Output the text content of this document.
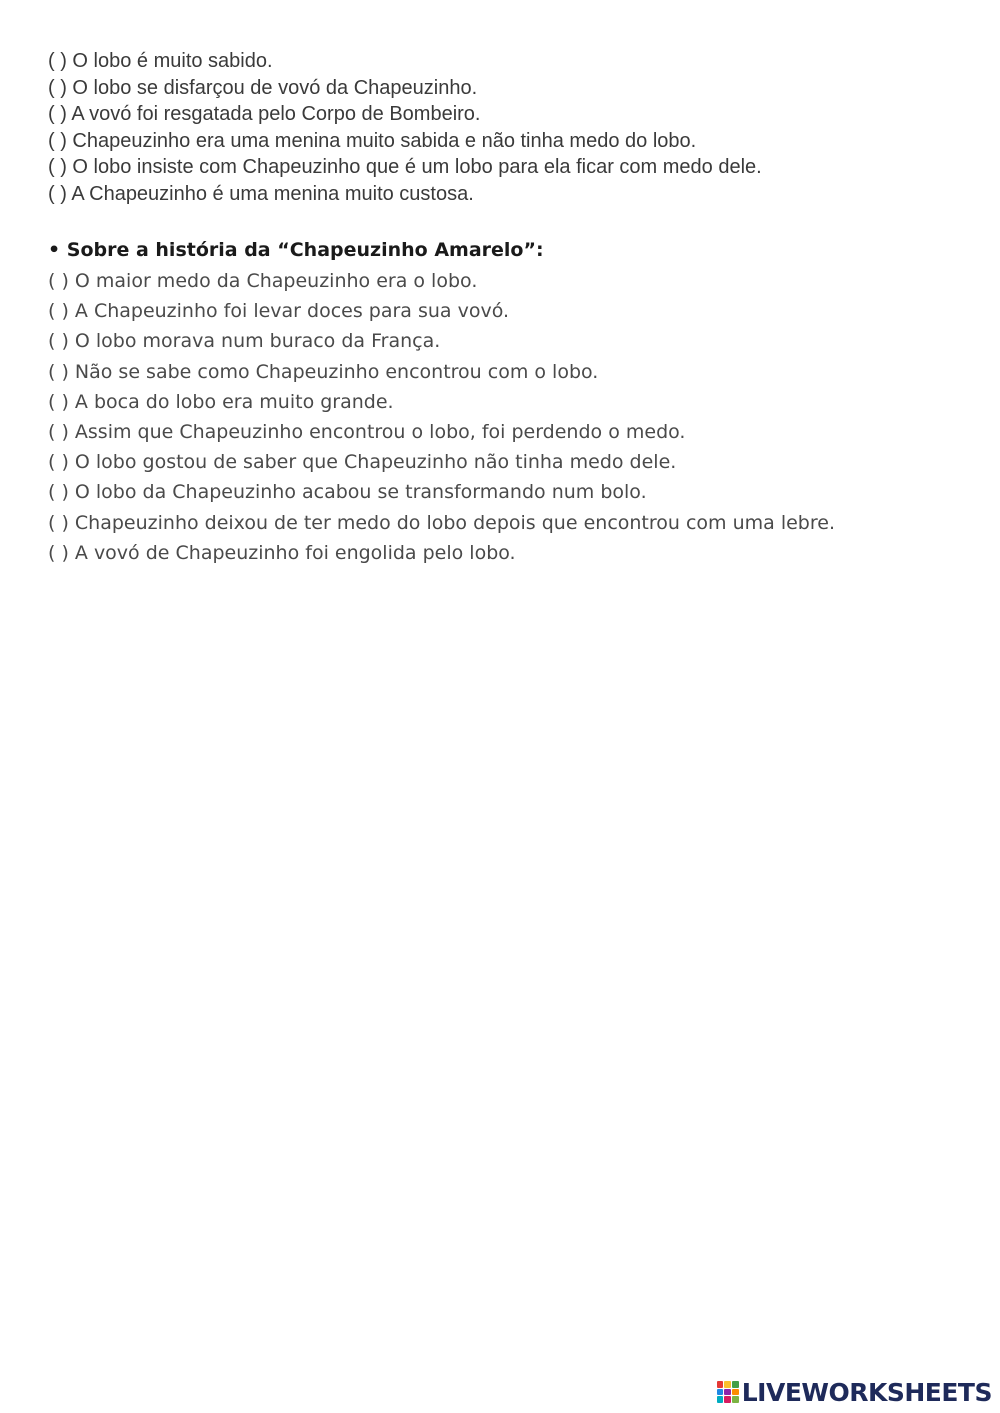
( ) O lobo é muito sabido.
( ) O lobo se disfarçou de vovó da Chapeuzinho.
( ) A vovó foi resgatada pelo Corpo de Bombeiro.
( ) Chapeuzinho era uma menina muito sabida e não tinha medo do lobo.
( ) O lobo insiste com Chapeuzinho que é um lobo para ela ficar com medo dele.
( ) A Chapeuzinho é uma menina muito custosa.
• Sobre a história da “Chapeuzinho Amarelo”:
( ) O maior medo da Chapeuzinho era o lobo.
( ) A Chapeuzinho foi levar doces para sua vovó.
( ) O lobo morava num buraco da França.
( ) Não se sabe como Chapeuzinho encontrou com o lobo.
( ) A boca do lobo era muito grande.
( ) Assim que Chapeuzinho encontrou o lobo, foi perdendo o medo.
( ) O lobo gostou de saber que Chapeuzinho não tinha medo dele.
( ) O lobo da Chapeuzinho acabou se transformando num bolo.
( ) Chapeuzinho deixou de ter medo do lobo depois que encontrou com uma lebre.
( ) A vovó de Chapeuzinho foi engolida pelo lobo.
LIVEWORKSHEETS
